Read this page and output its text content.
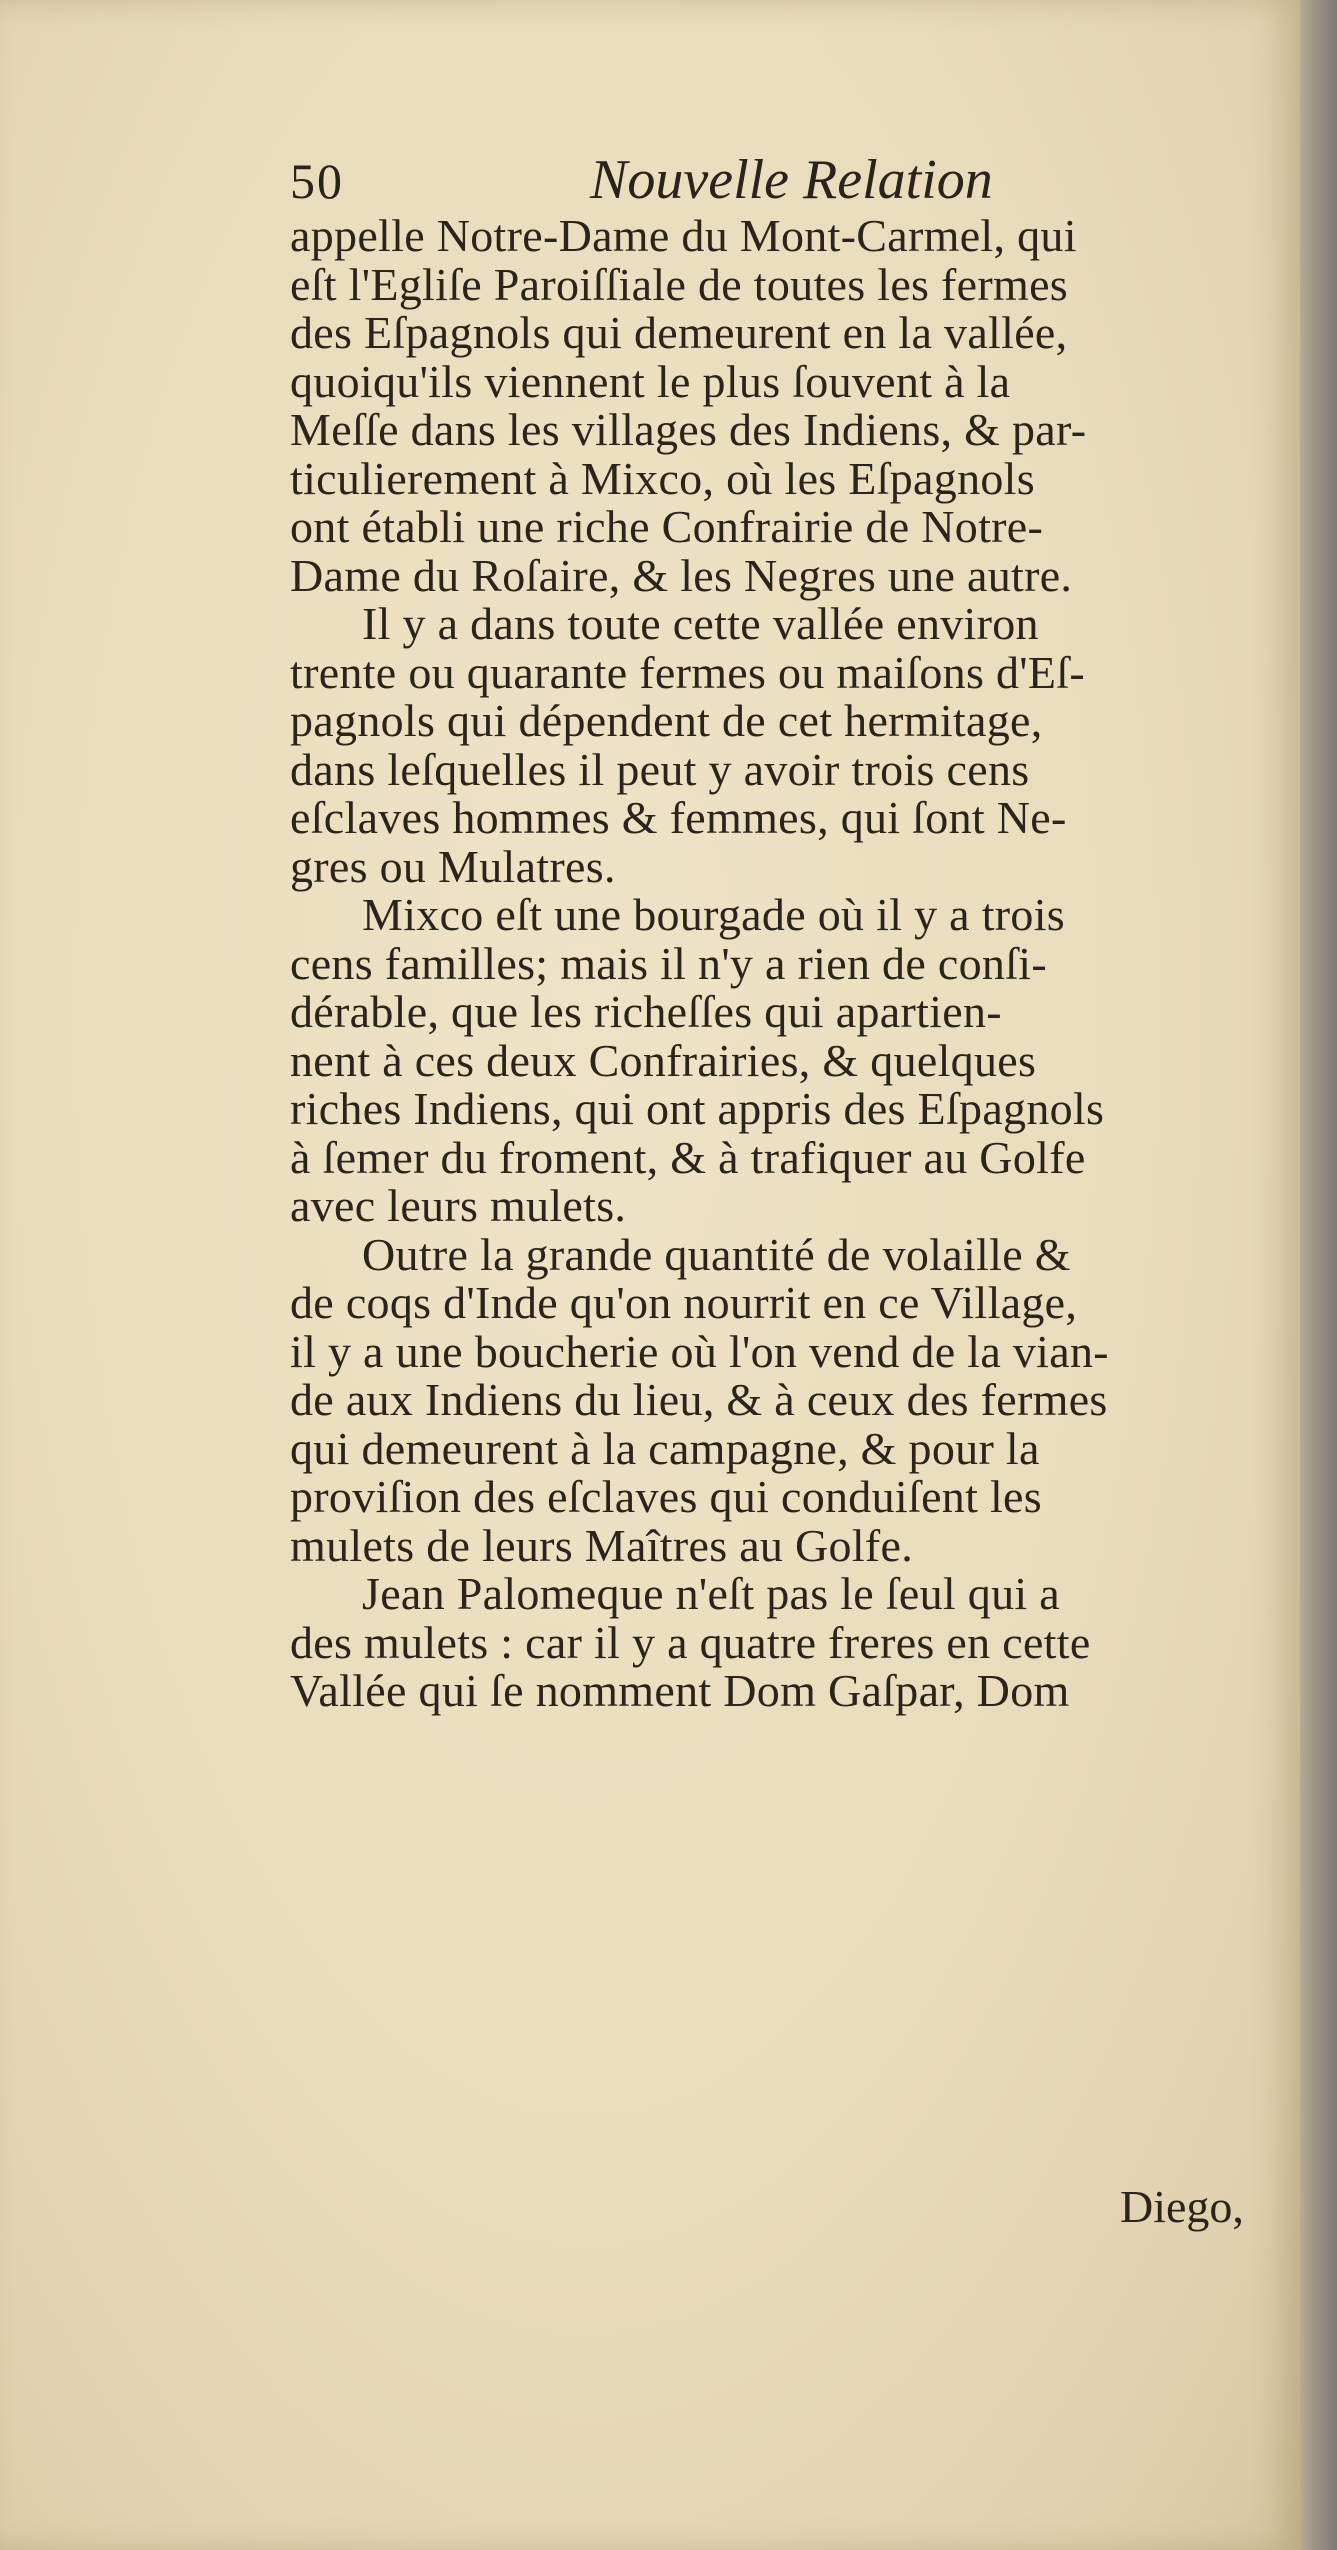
50	Nouvelle Relation
appelle Notre-Dame du Mont-Carmel, qui
eſt l'Egliſe Paroiſſiale de toutes les fermes
des Eſpagnols qui demeurent en la vallée,
quoiqu'ils viennent le plus ſouvent à la
Meſſe dans les villages des Indiens, & par-
ticulierement à Mixco, où les Eſpagnols
ont établi une riche Confrairie de Notre-
Dame du Roſaire, & les Negres une autre.
Il y a dans toute cette vallée environ
trente ou quarante fermes ou maiſons d'Eſ-
pagnols qui dépendent de cet hermitage,
dans leſquelles il peut y avoir trois cens
eſclaves hommes & femmes, qui ſont Ne-
gres ou Mulatres.
Mixco eſt une bourgade où il y a trois
cens familles; mais il n'y a rien de conſi-
dérable, que les richeſſes qui apartien-
nent à ces deux Confrairies, & quelques
riches Indiens, qui ont appris des Eſpagnols
à ſemer du froment, & à trafiquer au Golfe
avec leurs mulets.
Outre la grande quantité de volaille &
de coqs d'Inde qu'on nourrit en ce Village,
il y a une boucherie où l'on vend de la vian-
de aux Indiens du lieu, & à ceux des fermes
qui demeurent à la campagne, & pour la
proviſion des eſclaves qui conduiſent les
mulets de leurs Maîtres au Golfe.
Jean Palomeque n'eſt pas le ſeul qui a
des mulets : car il y a quatre freres en cette
Vallée qui ſe nomment Dom Gaſpar, Dom
Diego,
